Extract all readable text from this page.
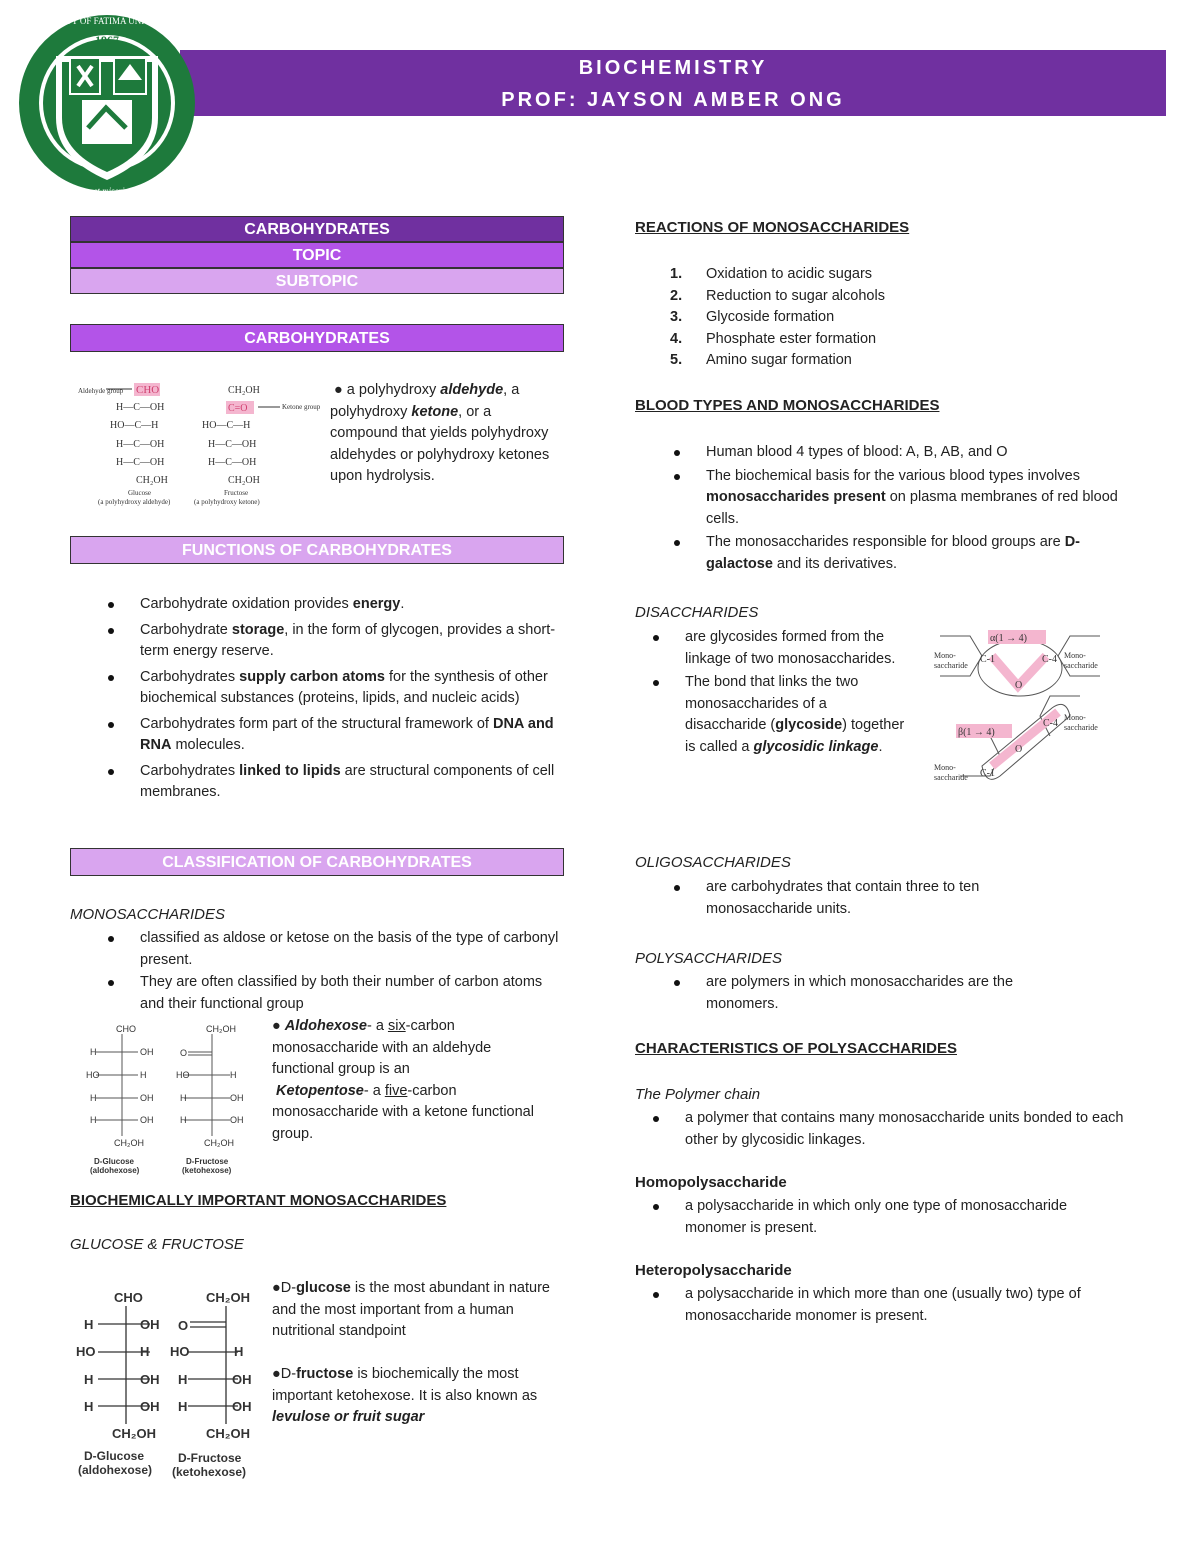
BIOCHEMISTRY
PROF: JAYSON AMBER ONG
1967
Veritas et misericordia
OUR LADY OF FATIMA UNIVERSITY
CARBOHYDRATES
TOPIC
SUBTOPIC
CARBOHYDRATES
CHO
Aldehyde group
H—C—OH
HO—C—H
H—C—OH
H—C—OH
CH₂OH
Glucose
(a polyhydroxy aldehyde)
CH₂OH
C=O	Ketone group
HO—C—H
H—C—OH
H—C—OH
CH₂OH
Fructose
(a polyhydroxy ketone)
● a polyhydroxy aldehyde, a polyhydroxy ketone, or a compound that yields polyhydroxy aldehydes or polyhydroxy ketones upon hydrolysis.
FUNCTIONS OF CARBOHYDRATES
Carbohydrate oxidation provides energy.
Carbohydrate storage, in the form of glycogen, provides a short-term energy reserve.
Carbohydrates supply carbon atoms for the synthesis of other biochemical substances (proteins, lipids, and nucleic acids)
Carbohydrates form part of the structural framework of DNA and RNA molecules.
Carbohydrates linked to lipids are structural components of cell membranes.
CLASSIFICATION OF CARBOHYDRATES
MONOSACCHARIDES
classified as aldose or ketose on the basis of the type of carbonyl present.
They are often classified by both their number of carbon atoms and their functional group
CHO
H	OH
HO	H
H	OH
H	OH
CH₂OH
CH₂OH
O
HO	H
H	OH
H	OH
CH₂OH
D-Glucose
(aldohexose)
D-Fructose
(ketohexose)
● Aldohexose- a six-carbon monosaccharide with an aldehyde functional group is an
Ketopentose- a five-carbon monosaccharide with a ketone functional group.
BIOCHEMICALLY IMPORTANT MONOSACCHARIDES
GLUCOSE & FRUCTOSE
CHO
H	OH
HO	H
H	OH
H	OH
CH₂OH
CH₂OH
O
HO	H
H	OH
H	OH
CH₂OH
D-Glucose
(aldohexose)
D-Fructose
(ketohexose)
●D-glucose is the most abundant in nature and the most important from a human nutritional standpoint
●D-fructose is biochemically the most important ketohexose. It is also known as levulose or fruit sugar
REACTIONS OF MONOSACCHARIDES
1. Oxidation to acidic sugars
2. Reduction to sugar alcohols
3. Glycoside formation
4. Phosphate ester formation
5. Amino sugar formation
BLOOD TYPES AND MONOSACCHARIDES
Human blood 4 types of blood: A, B, AB, and O
The biochemical basis for the various blood types involves monosaccharides present on plasma membranes of red blood cells.
The monosaccharides responsible for blood groups are D- galactose and its derivatives.
DISACCHARIDES
are glycosides formed from the linkage of two monosaccharides.
The bond that links the two monosaccharides of a disaccharide (glycoside) together is called a glycosidic linkage.
α(1 → 4)
β(1 → 4)
C-1	C-4
O
C-4
C-1
O
Mono-
saccharide
Mono-
saccharide
Mono-
saccharide
Mono-
saccharide
OLIGOSACCHARIDES
are carbohydrates that contain three to ten monosaccharide units.
POLYSACCHARIDES
are polymers in which monosaccharides are the monomers.
CHARACTERISTICS OF POLYSACCHARIDES
The Polymer chain
a polymer that contains many monosaccharide units bonded to each other by glycosidic linkages.
Homopolysaccharide
a polysaccharide in which only one type of monosaccharide monomer is present.
Heteropolysaccharide
a polysaccharide in which more than one (usually two) type of monosaccharide monomer is present.
